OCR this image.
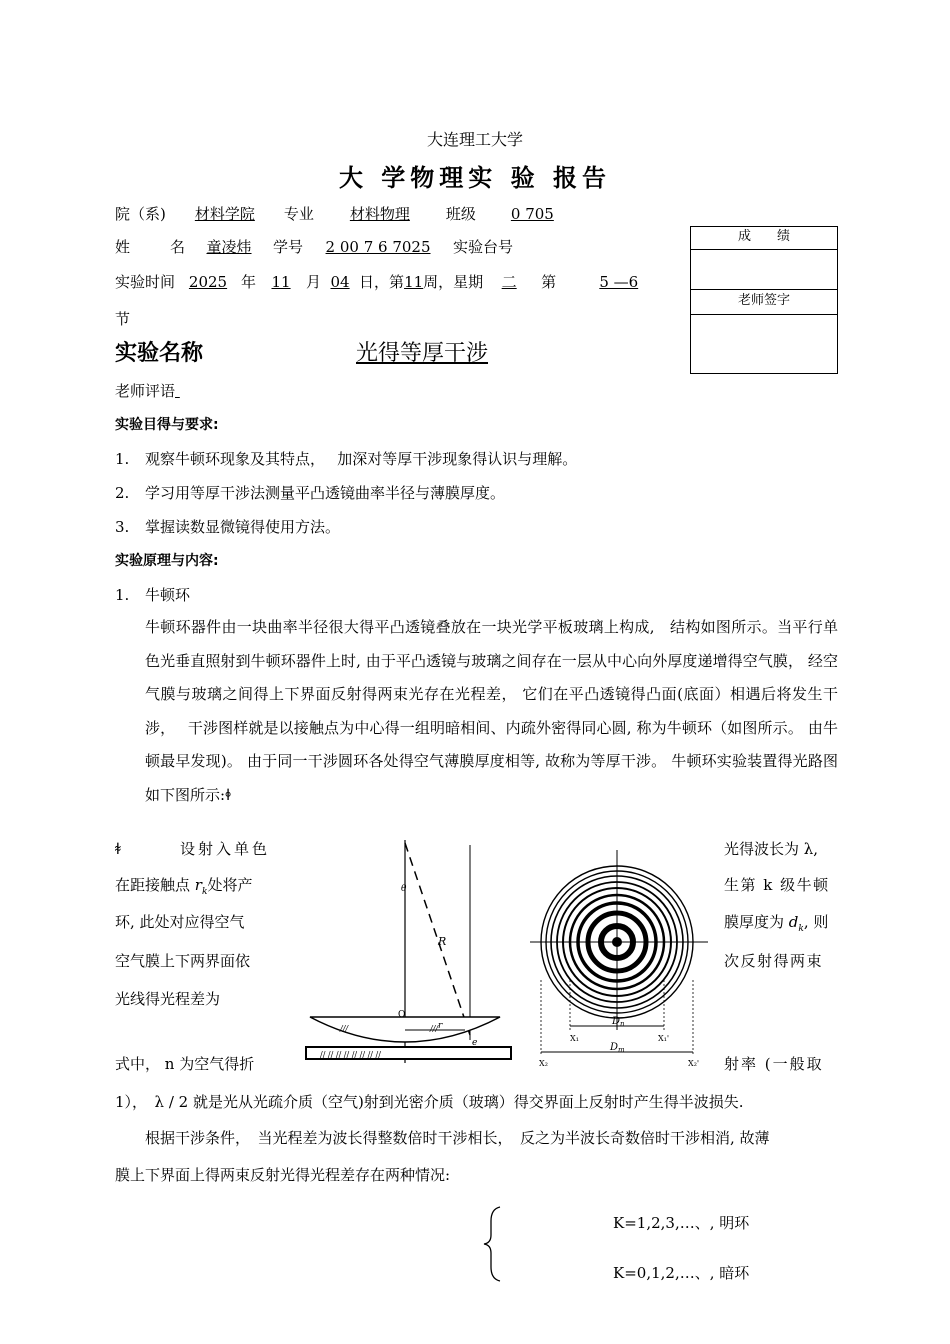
大连理工大学
大 学物理实 验 报告
院（系) 材料学院 专业 材料物理 班级 0 705
姓	名 童凌炜 学号 2 00 7 6 7025 实验台号
实验时间 2025 年 11 月 04 日，第11周，星期 二 第	5 —6
节
成　　绩
老师签字
实验名称	光得等厚干涉
老师评语
实验目得与要求:
1. 观察牛顿环现象及其特点，　 加深对等厚干涉现象得认识与理解。
2. 学习用等厚干涉法测量平凸透镜曲率半径与薄膜厚度。
3. 掌握读数显微镜得使用方法。
实验原理与内容:
1. 牛顿环
牛顿环器件由一块曲率半径很大得平凸透镜叠放在一块光学平板玻璃上构成,　结构如图所示。当平行单色光垂直照射到牛顿环器件上时, 由于平凸透镜与玻璃之间存在一层从中心向外厚度递增得空气膜， 经空气膜与玻璃之间得上下界面反射得两束光存在光程差， 它们在平凸透镜得凸面(底面）相遇后将发生干涉，　 干涉图样就是以接触点为中心得一组明暗相间、内疏外密得同心圆, 称为牛顿环（如图所示。 由牛顿最早发现)。 由于同一干涉圆环各处得空气薄膜厚度相等, 故称为等厚干涉。 牛顿环实验装置得光路图如下图所示:ꬹ
ꬸ	设射入单色
在距接触点 $r_k$处将产
环, 此处对应得空气
空气膜上下两界面依
光线得光程差为
式中， n 为空气得折
光得波长为 λ,
生第 k 级牛顿
膜厚度为 $d_k$, 则
次反射得两束
射率 (一般取
///	///
// // // // // // // //
θ
R
O
r
e
$D_n$
X₁	X₁'
$D_m$
X₂	X₂'
1），　λ / 2 就是光从光疏介质（空气)射到光密介质（玻璃）得交界面上反射时产生得半波损失.
根据干涉条件，　当光程差为波长得整数倍时干涉相长，　反之为半波长奇数倍时干涉相消, 故薄
膜上下界面上得两束反射光得光程差存在两种情况:
K=1,2,3,…、, 明环
K=0,1,2,…、, 暗环
